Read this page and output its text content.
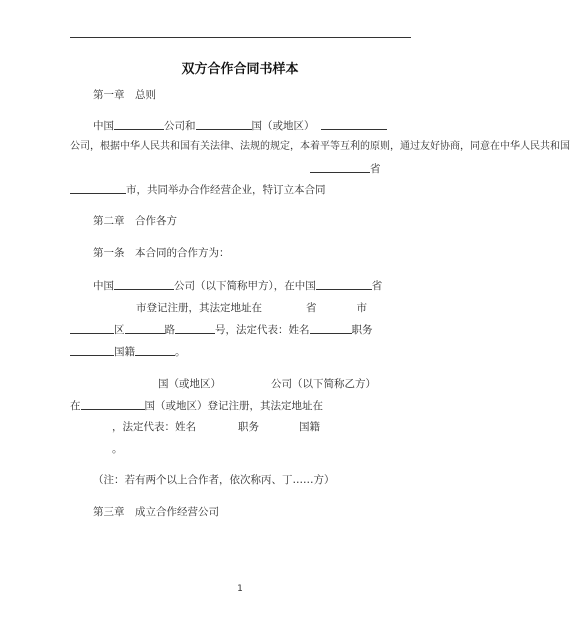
双方合作合同书样本
第一章　总则
中国	公司和	国（或地区）
公司，根据中华人民共和国有关法律、法规的规定，本着平等互利的原则，通过友好协商，同意在中华人民共和国
省
市，共同举办合作经营企业，特订立本合同
第二章　合作各方
第一条　本合同的合作方为：
中国	公司（以下简称甲方），在中国	省
市登记注册，其法定地址在	省	市
区	路	号，法定代表：姓名	职务
国籍	。
国（或地区）	公司（以下简称乙方）
在	国（或地区）登记注册，其法定地址在
，法定代表：姓名	职务	国籍
。
（注：若有两个以上合作者，依次称丙、丁……方）
第三章　成立合作经营公司
1
